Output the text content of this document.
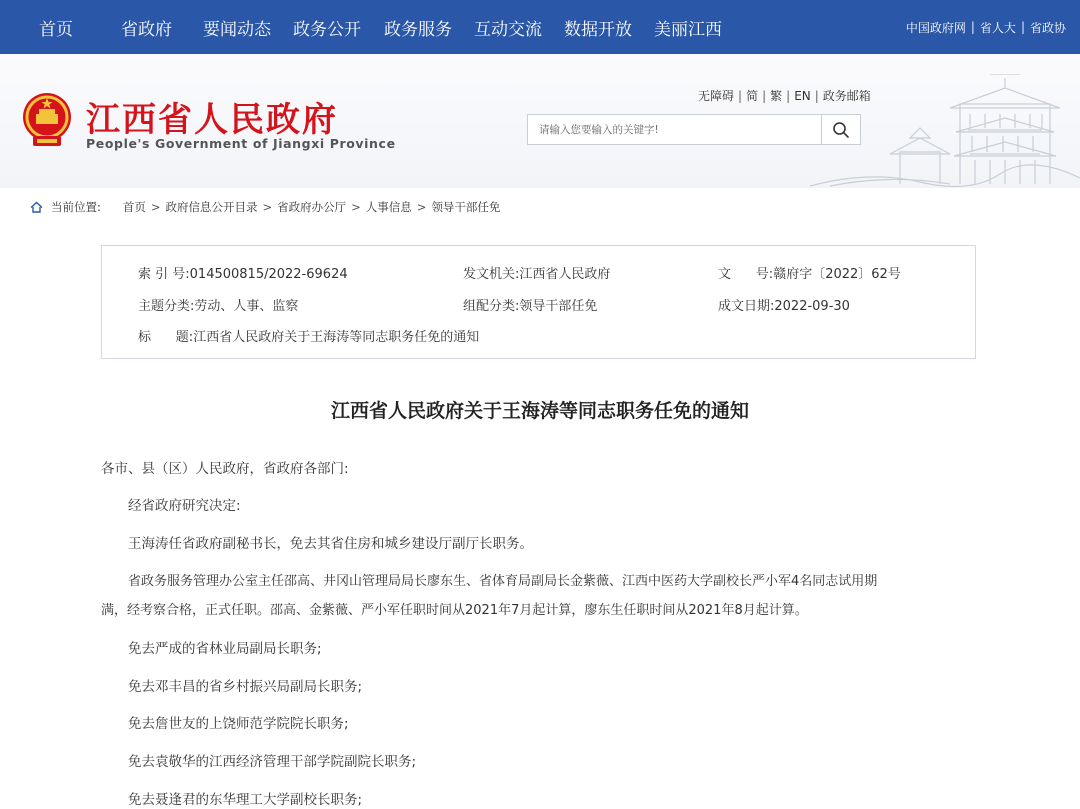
首页	省政府 要闻动态 政务公开 政务服务 互动交流 数据开放 美丽江西	中国政府网 | 省人大 | 省政协
江西省人民政府
People's Government of Jiangxi Province
无障碍 | 简 | 繁 | EN | 政务邮箱
请输入您要输入的关键字!
当前位置: 首页 > 政府信息公开目录 > 省政府办公厅 > 人事信息 > 领导干部任免
索 引 号:014500815/2022-69624	发文机关:江西省人民政府	文      号:赣府字〔2022〕62号
主题分类:劳动、人事、监察	组配分类:领导干部任免	成文日期:2022-09-30
标      题:江西省人民政府关于王海涛等同志职务任免的通知
江西省人民政府关于王海涛等同志职务任免的通知
各市、县（区）人民政府，省政府各部门:
经省政府研究决定:
王海涛任省政府副秘书长，免去其省住房和城乡建设厅副厅长职务。
省政务服务管理办公室主任邵高、井冈山管理局局长廖东生、省体育局副局长金紫薇、江西中医药大学副校长严小军4名同志试用期
满，经考察合格，正式任职。邵高、金紫薇、严小军任职时间从2021年7月起计算，廖东生任职时间从2021年8月起计算。
免去严成的省林业局副局长职务;
免去邓丰昌的省乡村振兴局副局长职务;
免去詹世友的上饶师范学院院长职务;
免去袁敬华的江西经济管理干部学院副院长职务;
免去聂逢君的东华理工大学副校长职务;
